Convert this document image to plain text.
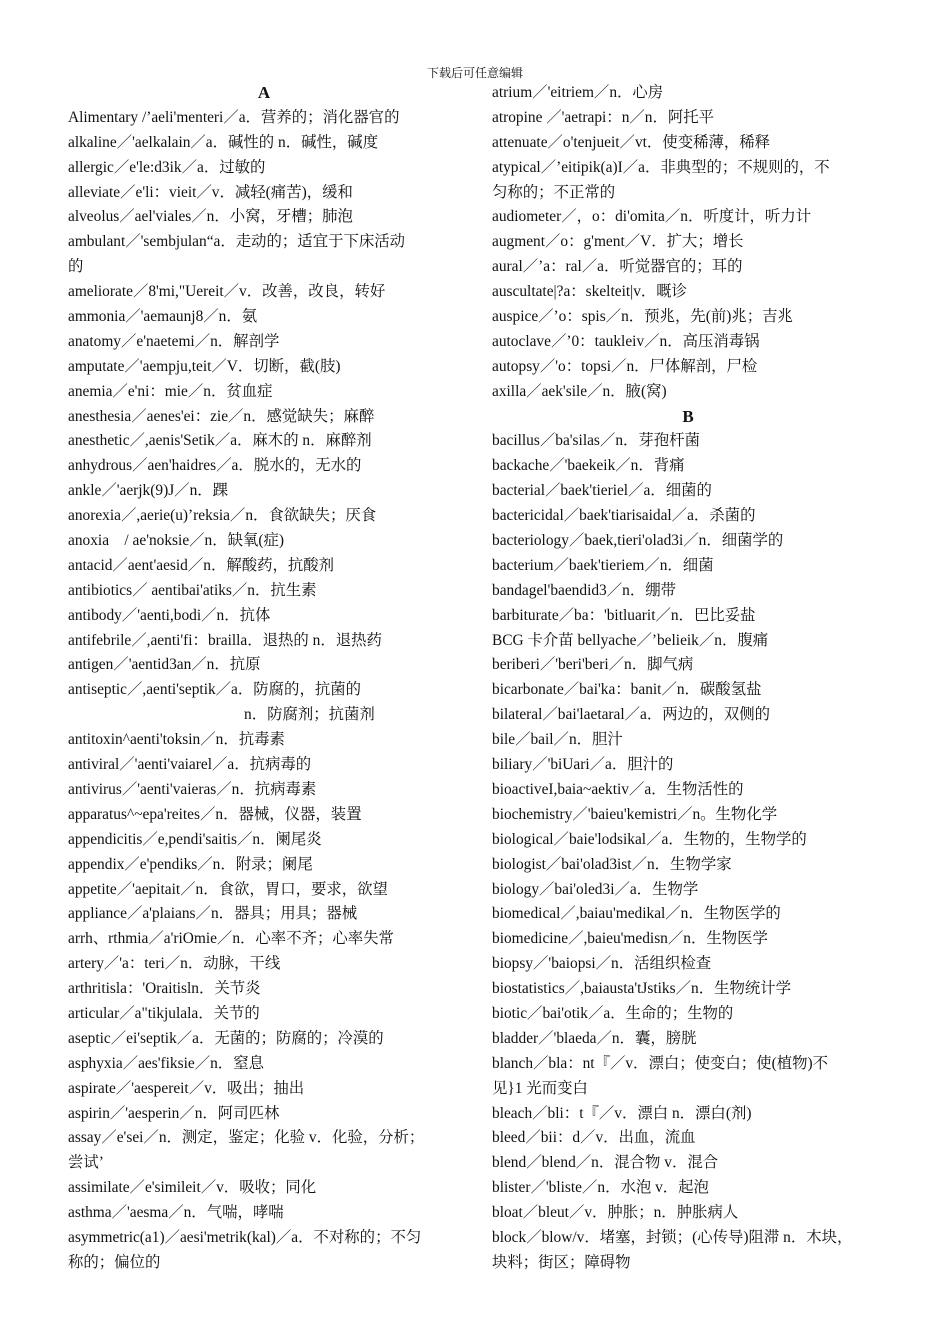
下载后可任意编辑
A
Alimentary /’aeli'menteri／a．营养的；消化器官的
alkaline／'aelkalain／a．碱性的 n．碱性，碱度
allergic／e'le:d3ik／a．过敏的
alleviate／e'li：vieit／v．减轻(痛苦)，缓和
alveolus／ael'viales／n．小窝，牙槽；肺泡
ambulant／'sembjulan“a．走动的；适宜于下床活动
的
ameliorate／8'mi,"Uereit／v．改善，改良，转好
ammonia／'aemaunj8／n．氨
anatomy／e'naetemi／n．解剖学
amputate／'aempju,teit／V．切断，截(肢)
anemia／e'ni：mie／n．贫血症
anesthesia／aenes'ei：zie／n．感觉缺失；麻醉
anesthetic／,aenis'Setik／a．麻木的 n．麻醉剂
anhydrous／aen'haidres／a．脱水的，无水的
ankle／'aerjk(9)J／n．踝
anorexia／,aerie(u)’reksia／n．食欲缺失；厌食
anoxia　/ ae'noksie／n．缺氧(症)
antacid／aent'aesid／n．解酸药，抗酸剂
antibiotics／ aentibai'atiks／n．抗生素
antibody／'aenti,bodi／n．抗体
antifebrile／,aenti'fi：brailla．退热的 n．退热药
antigen／'aentid3an／n．抗原
antiseptic／,aenti'septik／a．防腐的，抗菌的
n．防腐剂；抗菌剂
antitoxin^aenti'toksin／n．抗毒素
antiviral／'aenti'vaiarel／a．抗病毒的
antivirus／'aenti'vaieras／n．抗病毒素
apparatus^~epa'reites／n．器械，仪器，装置
appendicitis／e,pendi'saitis／n．阑尾炎
appendix／e'pendiks／n．附录；阑尾
appetite／'aepitait／n．食欲，胃口，要求，欲望
appliance／a'plaians／n．器具；用具；器械
arrh、rthmia／a'riOmie／n．心率不齐；心率失常
artery／'a：teri／n．动脉，干线
arthritisla：'Oraitisln．关节炎
articular／a"tikjulala．关节的
aseptic／ei'septik／a．无菌的；防腐的；冷漠的
asphyxia／aes'fiksie／n．窒息
aspirate／'aespereit／v．吸出；抽出
aspirin／'aesperin／n．阿司匹林
assay／e'sei／n．测定，鉴定；化验 v．化验，分析；
尝试’
assimilate／e'simileit／v．吸收；同化
asthma／'aesma／n．气喘，哮喘
asymmetric(a1)／aesi'metrik(kal)／a．不对称的；不匀
称的；偏位的
atrium／'eitriem／n．心房
atropine ／'aetrapi：n／n．阿托平
attenuate／o'tenjueit／vt．使变稀薄，稀释
atypical／’eitipik(a)I／a．非典型的；不规则的，不
匀称的；不正常的
audiometer／，o：di'omita／n．听度计，听力计
augment／o：g'ment／V．扩大；增长
aural／’a：ral／a．听觉器官的；耳的
auscultate|?a：skelteit|v．嘅诊
auspice／’o：spis／n．预兆，先(前)兆；吉兆
autoclave／’0：taukleiv／n．高压消毒锅
autopsy／'o：topsi／n．尸体解剖，尸检
axilla／aek'sile／n．腋(窝)
B
bacillus／ba'silas／n．芽孢杆菌
backache／'baekeik／n．背痛
bacterial／baek'tieriel／a．细菌的
bactericidal／baek'tiarisaidal／a．杀菌的
bacteriology／baek,tieri'olad3i／n．细菌学的
bacterium／baek'tieriem／n．细菌
bandagel'baendid3／n．绷带
barbiturate／ba：'bitluarit／n．巴比妥盐
BCG 卡介苗 bellyache／’belieik／n．腹痛
beriberi／'beri'beri／n．脚气病
bicarbonate／bai'ka：banit／n．碳酸氢盐
bilateral／bai'laetaral／a．两边的，双侧的
bile／bail／n．胆汁
biliary／'biUari／a．胆汁的
bioactiveI,baia~aektiv／a．生物活性的
biochemistry／'baieu'kemistri／n。生物化学
biological／baie'lodsikal／a．生物的，生物学的
biologist／bai'olad3ist／n．生物学家
biology／bai'oled3i／a．生物学
biomedical／,baiau'medikal／n．生物医学的
biomedicine／,baieu'medisn／n．生物医学
biopsy／'baiopsi／n．活组织检查
biostatistics／,baiausta'tJstiks／n．生物统计学
biotic／bai'otik／a．生命的；生物的
bladder／'blaeda／n．囊，膀胱
blanch／bla：nt『／v．漂白；使变白；使(植物)不
见}1 光而变白
bleach／bli：t『／v．漂白 n．漂白(剂)
bleed／bii：d／v．出血，流血
blend／blend／n．混合物 v．混合
blister／'bliste／n．水泡 v．起泡
bloat／bleut／v．肿胀；n．肿胀病人
block／blow/v．堵塞，封锁；(心传导)阻滞 n．木块，
块料；街区；障碍物
